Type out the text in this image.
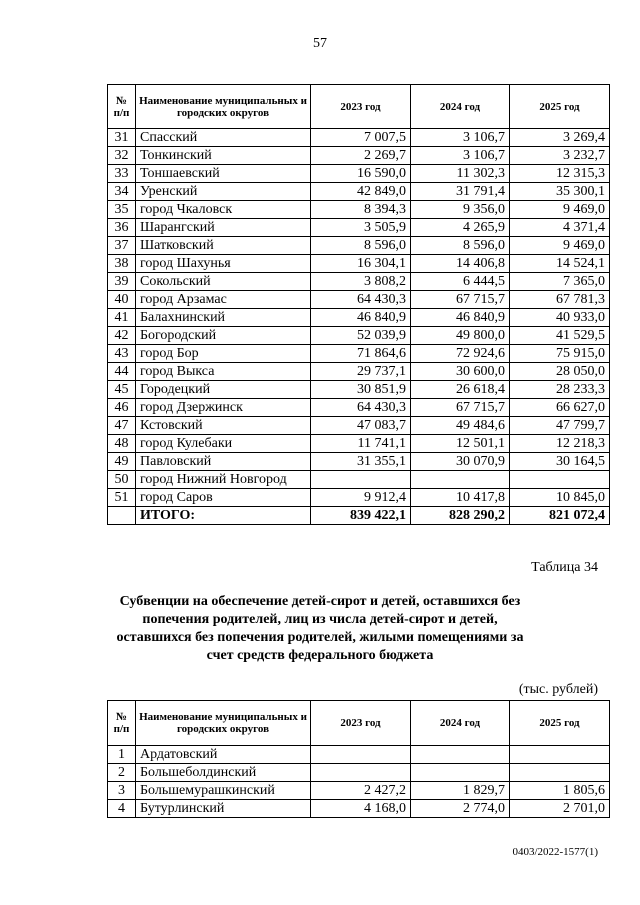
57
№ п/п	Наименование муниципальных и городских округов	2023 год	2024 год	2025 год
31	Спасский	7 007,5	3 106,7	3 269,4
32	Тонкинский	2 269,7	3 106,7	3 232,7
33	Тоншаевский	16 590,0	11 302,3	12 315,3
34	Уренский	42 849,0	31 791,4	35 300,1
35	город Чкаловск	8 394,3	9 356,0	9 469,0
36	Шарангский	3 505,9	4 265,9	4 371,4
37	Шатковский	8 596,0	8 596,0	9 469,0
38	город Шахунья	16 304,1	14 406,8	14 524,1
39	Сокольский	3 808,2	6 444,5	7 365,0
40	город Арзамас	64 430,3	67 715,7	67 781,3
41	Балахнинский	46 840,9	46 840,9	40 933,0
42	Богородский	52 039,9	49 800,0	41 529,5
43	город Бор	71 864,6	72 924,6	75 915,0
44	город Выкса	29 737,1	30 600,0	28 050,0
45	Городецкий	30 851,9	26 618,4	28 233,3
46	город Дзержинск	64 430,3	67 715,7	66 627,0
47	Кстовский	47 083,7	49 484,6	47 799,7
48	город Кулебаки	11 741,1	12 501,1	12 218,3
49	Павловский	31 355,1	30 070,9	30 164,5
50	город Нижний Новгород			
51	город Саров	9 912,4	10 417,8	10 845,0
	ИТОГО:	839 422,1	828 290,2	821 072,4
Таблица 34
Субвенции на обеспечение детей-сирот и детей, оставшихся без попечения родителей, лиц из числа детей-сирот и детей, оставшихся без попечения родителей, жилыми помещениями за счет средств федерального бюджета
(тыс. рублей)
№ п/п	Наименование муниципальных и городских округов	2023 год	2024 год	2025 год
1	Ардатовский			
2	Большеболдинский			
3	Большемурашкинский	2 427,2	1 829,7	1 805,6
4	Бутурлинский	4 168,0	2 774,0	2 701,0
0403/2022-1577(1)
